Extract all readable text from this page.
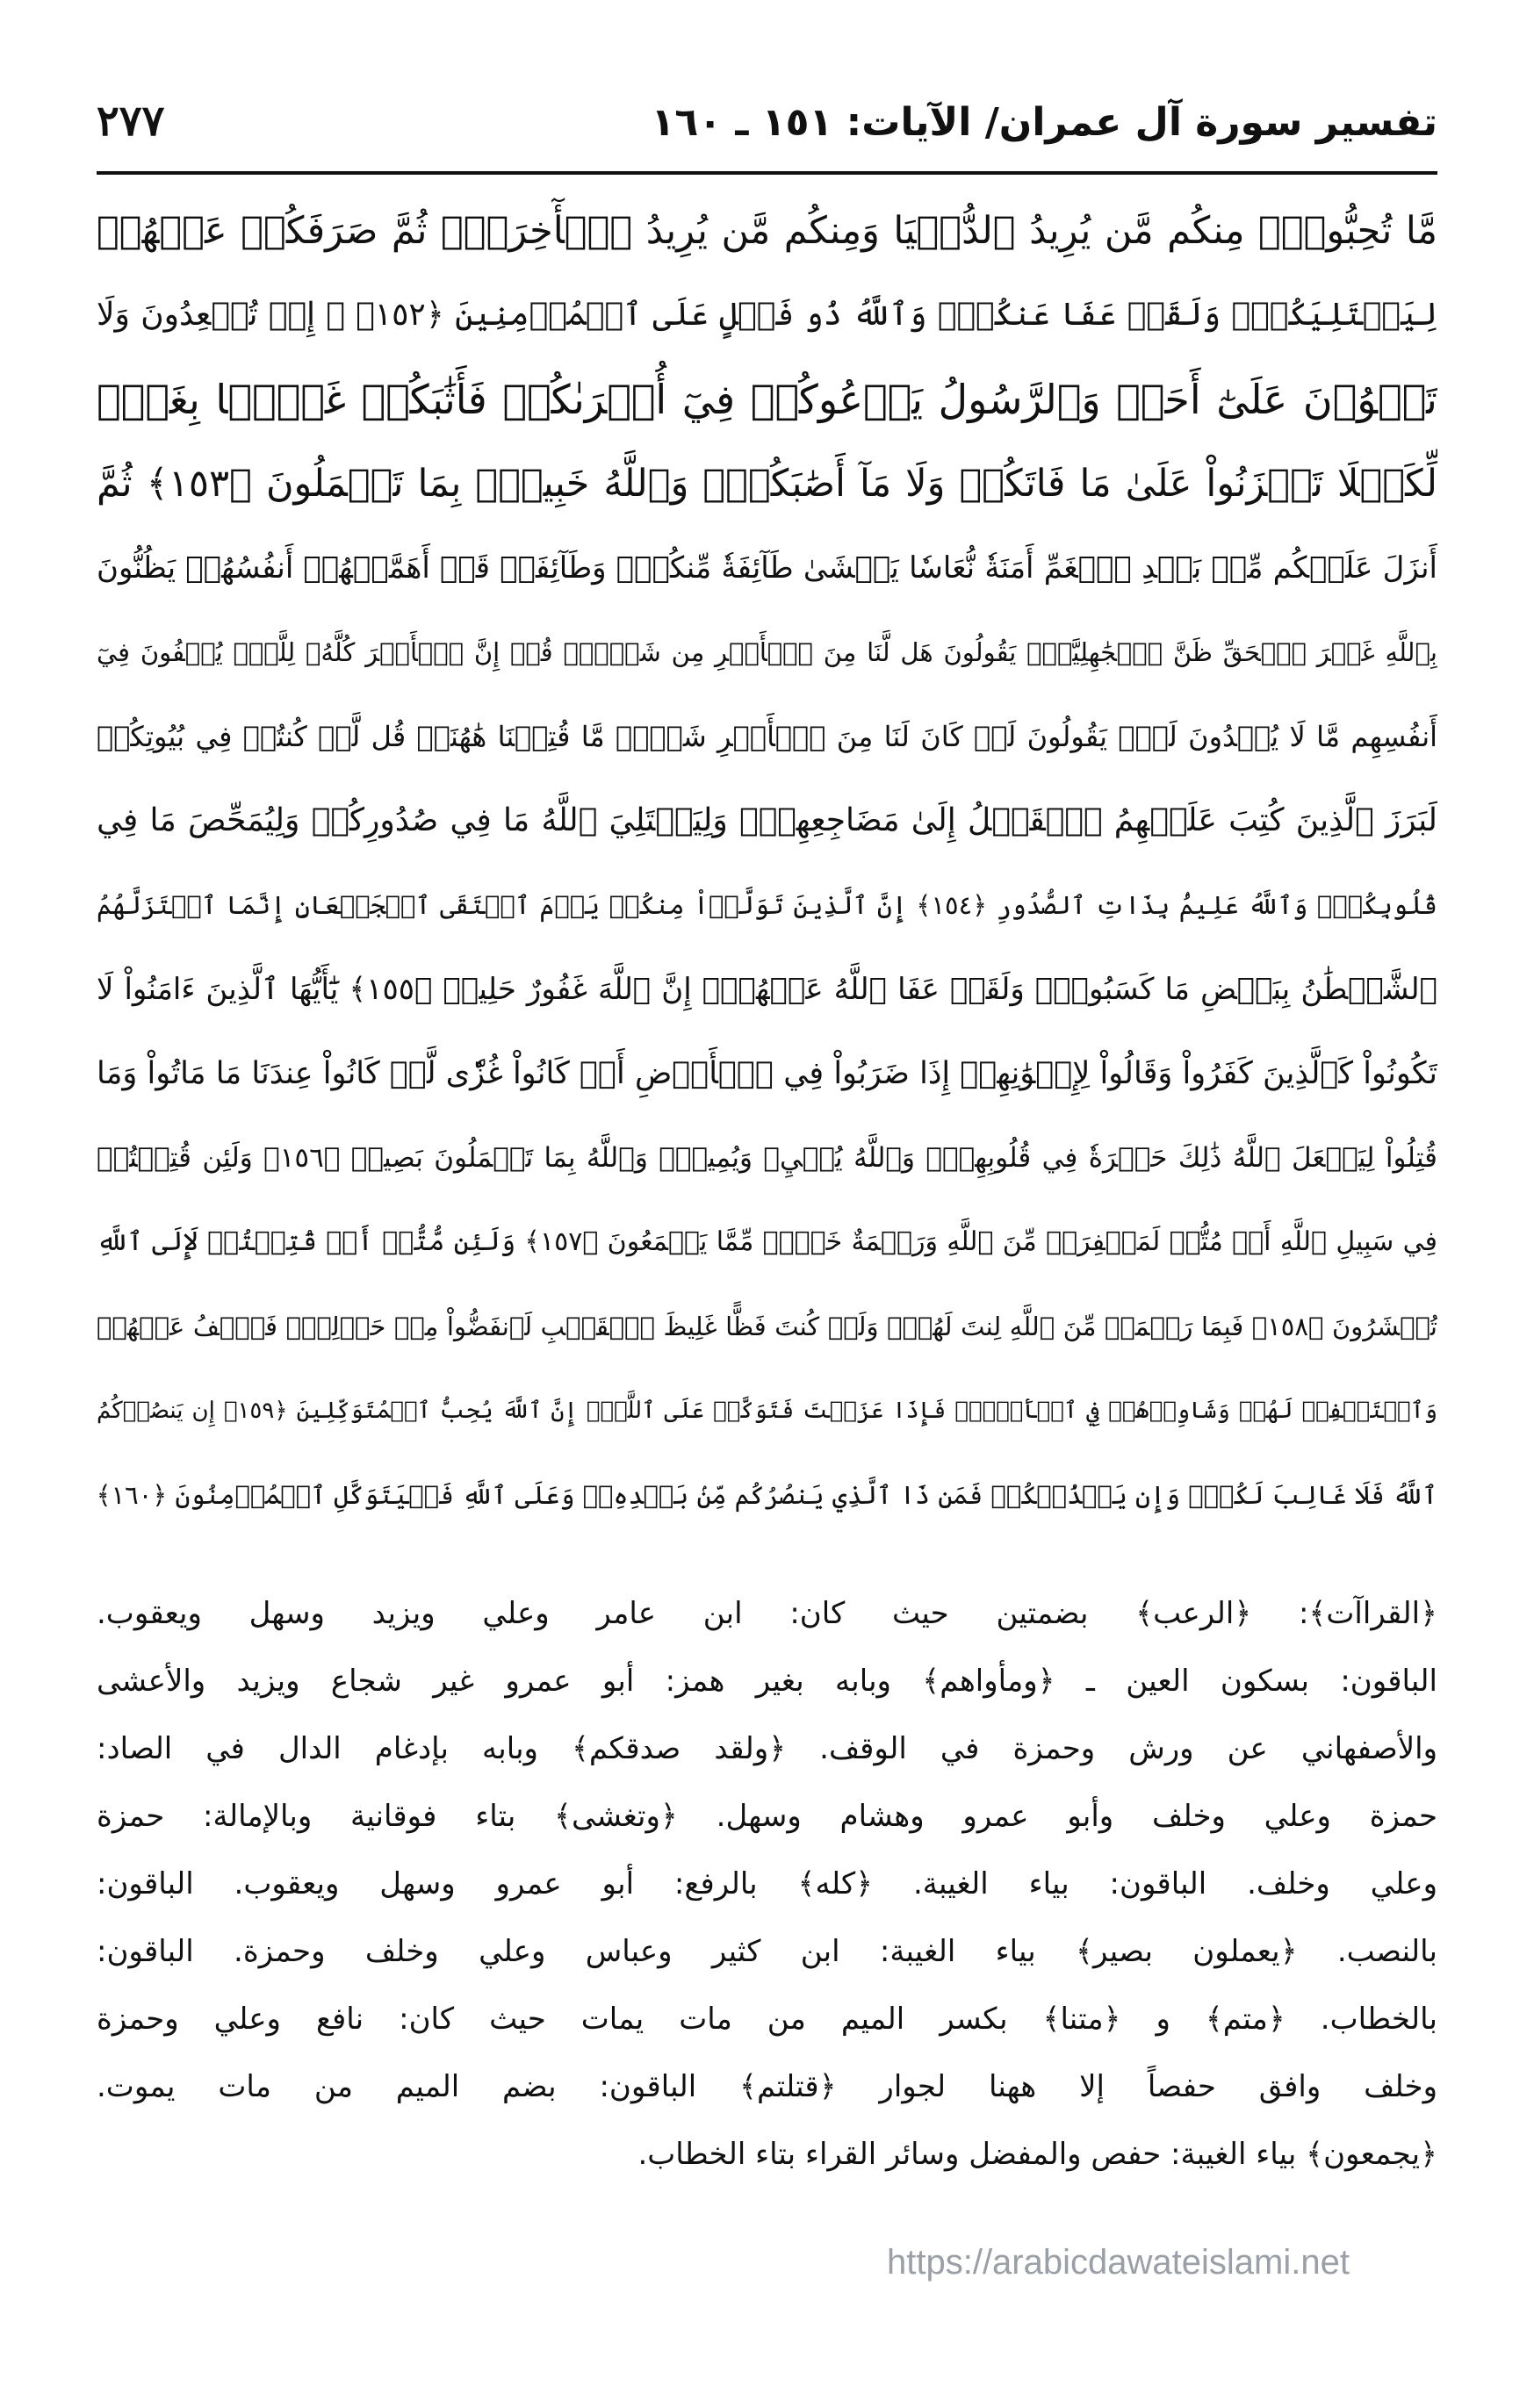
٢٧٧	تفسير سورة آل عمران/ الآيات: ١٥١ ـ ١٦٠
مَّا تُحِبُّونَۚ مِنكُم مَّن يُرِيدُ ٱلدُّنۡيَا وَمِنكُم مَّن يُرِيدُ ٱلۡأٓخِرَةَۚ ثُمَّ صَرَفَكُمۡ عَنۡهُمۡ
لِيَبۡتَلِيَكُمۡۖ وَلَقَدۡ عَفَا عَنكُمۡۗ وَٱللَّهُ ذُو فَضۡلٍ عَلَى ٱلۡمُؤۡمِنِينَ ﴿١٥٢﴾ ۞ إِذۡ تُصۡعِدُونَ وَلَا
تَلۡوُۥنَ عَلَىٰٓ أَحَدٖ وَٱلرَّسُولُ يَدۡعُوكُمۡ فِيٓ أُخۡرَىٰكُمۡ فَأَثَٰبَكُمۡ غَمَّۢا بِغَمّٖ
لِّكَيۡلَا تَحۡزَنُواْ عَلَىٰ مَا فَاتَكُمۡ وَلَا مَآ أَصَٰبَكُمۡۗ وَٱللَّهُ خَبِيرُۢ بِمَا تَعۡمَلُونَ ﴿١٥٣﴾ ثُمَّ
أَنزَلَ عَلَيۡكُم مِّنۢ بَعۡدِ ٱلۡغَمِّ أَمَنَةٗ نُّعَاسٗا يَغۡشَىٰ طَآئِفَةٗ مِّنكُمۡۖ وَطَآئِفَةٞ قَدۡ أَهَمَّتۡهُمۡ أَنفُسُهُمۡ يَظُنُّونَ
بِٱللَّهِ غَيۡرَ ٱلۡحَقِّ ظَنَّ ٱلۡجَٰهِلِيَّةِۖ يَقُولُونَ هَل لَّنَا مِنَ ٱلۡأَمۡرِ مِن شَيۡءٖۗ قُلۡ إِنَّ ٱلۡأَمۡرَ كُلَّهُۥ لِلَّهِۗ يُخۡفُونَ فِيٓ
أَنفُسِهِم مَّا لَا يُبۡدُونَ لَكَۖ يَقُولُونَ لَوۡ كَانَ لَنَا مِنَ ٱلۡأَمۡرِ شَيۡءٞ مَّا قُتِلۡنَا هَٰهُنَاۗ قُل لَّوۡ كُنتُمۡ فِي بُيُوتِكُمۡ
لَبَرَزَ ٱلَّذِينَ كُتِبَ عَلَيۡهِمُ ٱلۡقَتۡلُ إِلَىٰ مَضَاجِعِهِمۡۖ وَلِيَبۡتَلِيَ ٱللَّهُ مَا فِي صُدُورِكُمۡ وَلِيُمَحِّصَ مَا فِي
قُلُوبِكُمۡۚ وَٱللَّهُ عَلِيمُۢ بِذَاتِ ٱلصُّدُورِ ﴿١٥٤﴾ إِنَّ ٱلَّذِينَ تَوَلَّوۡاْ مِنكُمۡ يَوۡمَ ٱلۡتَقَى ٱلۡجَمۡعَانِ إِنَّمَا ٱسۡتَزَلَّهُمُ
ٱلشَّيۡطَٰنُ بِبَعۡضِ مَا كَسَبُواْۖ وَلَقَدۡ عَفَا ٱللَّهُ عَنۡهُمۡۗ إِنَّ ٱللَّهَ غَفُورٌ حَلِيمٞ ﴿١٥٥﴾ يَٰٓأَيُّهَا ٱلَّذِينَ ءَامَنُواْ لَا
تَكُونُواْ كَٱلَّذِينَ كَفَرُواْ وَقَالُواْ لِإِخۡوَٰنِهِمۡ إِذَا ضَرَبُواْ فِي ٱلۡأَرۡضِ أَوۡ كَانُواْ غُزّٗى لَّوۡ كَانُواْ عِندَنَا مَا مَاتُواْ وَمَا
قُتِلُواْ لِيَجۡعَلَ ٱللَّهُ ذَٰلِكَ حَسۡرَةٗ فِي قُلُوبِهِمۡۗ وَٱللَّهُ يُحۡيِۦ وَيُمِيتُۗ وَٱللَّهُ بِمَا تَعۡمَلُونَ بَصِيرٞ ﴿١٥٦﴾ وَلَئِن قُتِلۡتُمۡ
فِي سَبِيلِ ٱللَّهِ أَوۡ مُتُّمۡ لَمَغۡفِرَةٞ مِّنَ ٱللَّهِ وَرَحۡمَةٌ خَيۡرٞ مِّمَّا يَجۡمَعُونَ ﴿١٥٧﴾ وَلَئِن مُّتُّمۡ أَوۡ قُتِلۡتُمۡ لَإِلَى ٱللَّهِ
تُحۡشَرُونَ ﴿١٥٨﴾ فَبِمَا رَحۡمَةٖ مِّنَ ٱللَّهِ لِنتَ لَهُمۡۖ وَلَوۡ كُنتَ فَظًّا غَلِيظَ ٱلۡقَلۡبِ لَٱنفَضُّواْ مِنۡ حَوۡلِكَۖ فَٱعۡفُ عَنۡهُمۡ
وَٱسۡتَغۡفِرۡ لَهُمۡ وَشَاوِرۡهُمۡ فِي ٱلۡأَمۡرِۖ فَإِذَا عَزَمۡتَ فَتَوَكَّلۡ عَلَى ٱللَّهِۚ إِنَّ ٱللَّهَ يُحِبُّ ٱلۡمُتَوَكِّلِينَ ﴿١٥٩﴾ إِن يَنصُرۡكُمُ
ٱللَّهُ فَلَا غَالِبَ لَكُمۡۖ وَإِن يَخۡذُلۡكُمۡ فَمَن ذَا ٱلَّذِي يَنصُرُكُم مِّنۢ بَعۡدِهِۦۗ وَعَلَى ٱللَّهِ فَلۡيَتَوَكَّلِ ٱلۡمُؤۡمِنُونَ ﴿١٦٠﴾
﴿القراآت﴾: ﴿الرعب﴾ بضمتين حيث كان: ابن عامر وعلي ويزيد وسهل ويعقوب.
الباقون: بسكون العين ـ ﴿ومأواهم﴾ وبابه بغير همز: أبو عمرو غير شجاع ويزيد والأعشى
والأصفهاني عن ورش وحمزة في الوقف. ﴿ولقد صدقكم﴾ وبابه بإدغام الدال في الصاد:
حمزة وعلي وخلف وأبو عمرو وهشام وسهل. ﴿وتغشى﴾ بتاء فوقانية وبالإمالة: حمزة
وعلي وخلف. الباقون: بياء الغيبة. ﴿كله﴾ بالرفع: أبو عمرو وسهل ويعقوب. الباقون:
بالنصب. ﴿يعملون بصير﴾ بياء الغيبة: ابن كثير وعباس وعلي وخلف وحمزة. الباقون:
بالخطاب. ﴿متم﴾ و ﴿متنا﴾ بكسر الميم من مات يمات حيث كان: نافع وعلي وحمزة
وخلف وافق حفصاً إلا ههنا لجوار ﴿قتلتم﴾ الباقون: بضم الميم من مات يموت.
﴿يجمعون﴾ بياء الغيبة: حفص والمفضل وسائر القراء بتاء الخطاب.
https://arabicdawateislami.net
